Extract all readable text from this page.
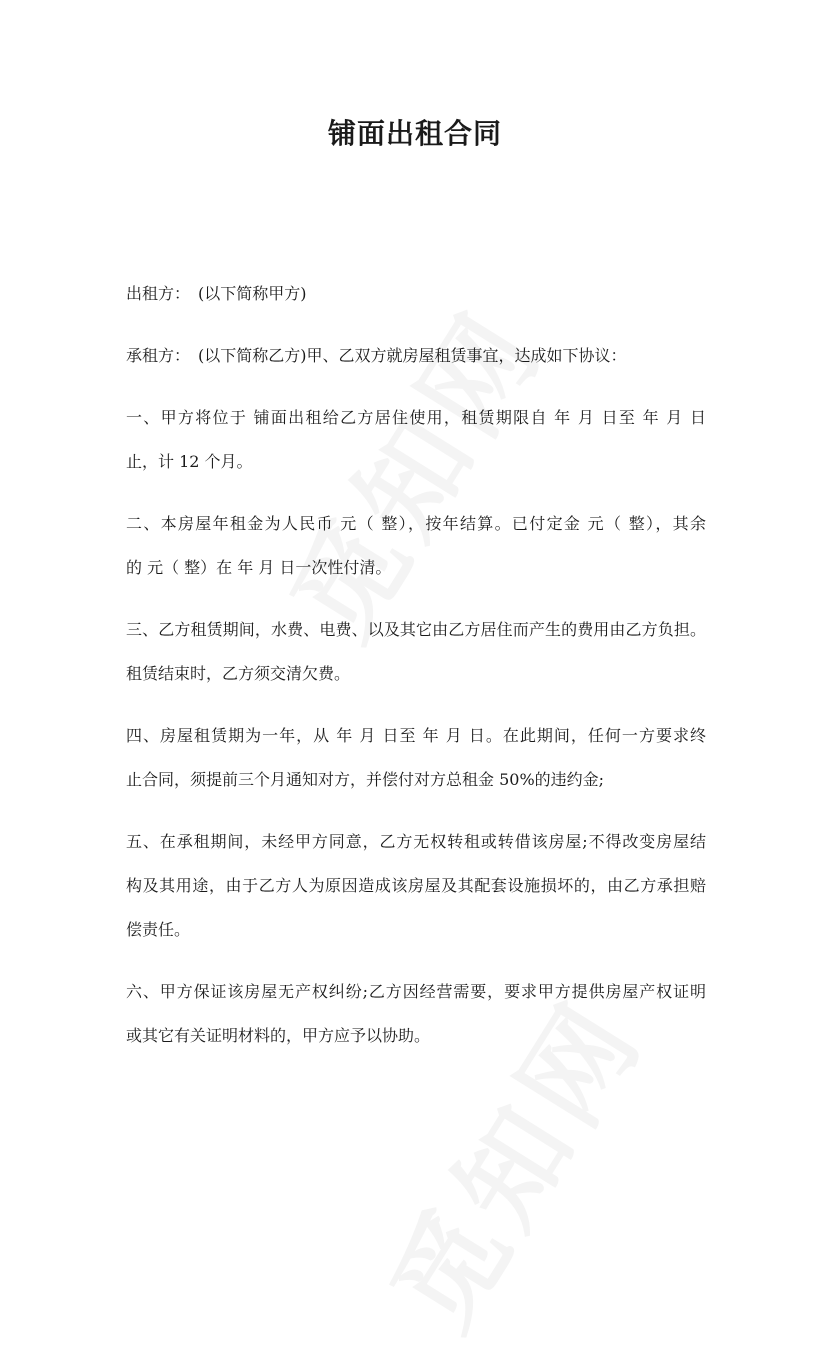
铺面出租合同
出租方：　(以下简称甲方)
承租方：　(以下简称乙方)甲、乙双方就房屋租赁事宜，达成如下协议：
一、甲方将位于 铺面出租给乙方居住使用，租赁期限自 年 月 日至 年 月 日
止，计 12 个月。
二、本房屋年租金为人民币 元（ 整），按年结算。已付定金 元（ 整），其余
的 元（ 整）在 年 月 日一次性付清。
三、乙方租赁期间，水费、电费、以及其它由乙方居住而产生的费用由乙方负担。
租赁结束时，乙方须交清欠费。
四、房屋租赁期为一年，从 年 月 日至 年 月 日。在此期间，任何一方要求终
止合同，须提前三个月通知对方，并偿付对方总租金 50%的违约金;
五、在承租期间，未经甲方同意，乙方无权转租或转借该房屋;不得改变房屋结
构及其用途，由于乙方人为原因造成该房屋及其配套设施损坏的，由乙方承担赔
偿责任。
六、甲方保证该房屋无产权纠纷;乙方因经营需要，要求甲方提供房屋产权证明
或其它有关证明材料的，甲方应予以协助。
